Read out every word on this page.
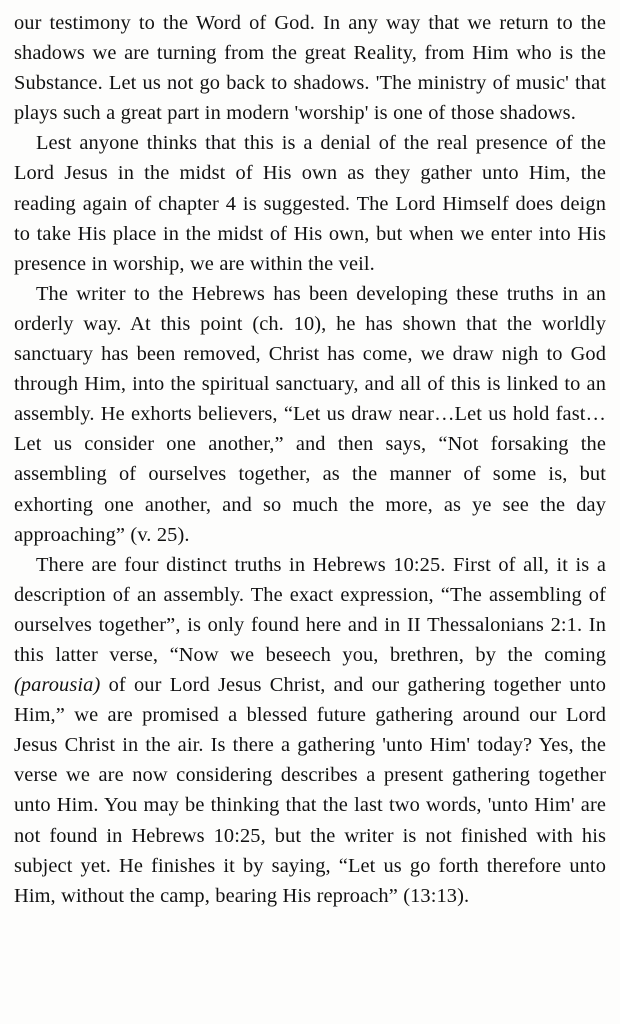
our testimony to the Word of God. In any way that we return to the shadows we are turning from the great Reality, from Him who is the Substance. Let us not go back to shadows. 'The ministry of music' that plays such a great part in modern 'worship' is one of those shadows.

Lest anyone thinks that this is a denial of the real presence of the Lord Jesus in the midst of His own as they gather unto Him, the reading again of chapter 4 is suggested. The Lord Himself does deign to take His place in the midst of His own, but when we enter into His presence in worship, we are within the veil.

The writer to the Hebrews has been developing these truths in an orderly way. At this point (ch. 10), he has shown that the worldly sanctuary has been removed, Christ has come, we draw nigh to God through Him, into the spiritual sanctuary, and all of this is linked to an assembly. He exhorts believers, “Let us draw near…Let us hold fast…Let us consider one another,” and then says, “Not forsaking the assembling of ourselves together, as the manner of some is, but exhorting one another, and so much the more, as ye see the day approaching” (v. 25).

There are four distinct truths in Hebrews 10:25. First of all, it is a description of an assembly. The exact expression, “The assembling of ourselves together”, is only found here and in II Thessalonians 2:1. In this latter verse, “Now we beseech you, brethren, by the coming (parousia) of our Lord Jesus Christ, and our gathering together unto Him,” we are promised a blessed future gathering around our Lord Jesus Christ in the air. Is there a gathering 'unto Him' today? Yes, the verse we are now considering describes a present gathering together unto Him. You may be thinking that the last two words, 'unto Him' are not found in Hebrews 10:25, but the writer is not finished with his subject yet. He finishes it by saying, “Let us go forth therefore unto Him, without the camp, bearing His reproach” (13:13).
